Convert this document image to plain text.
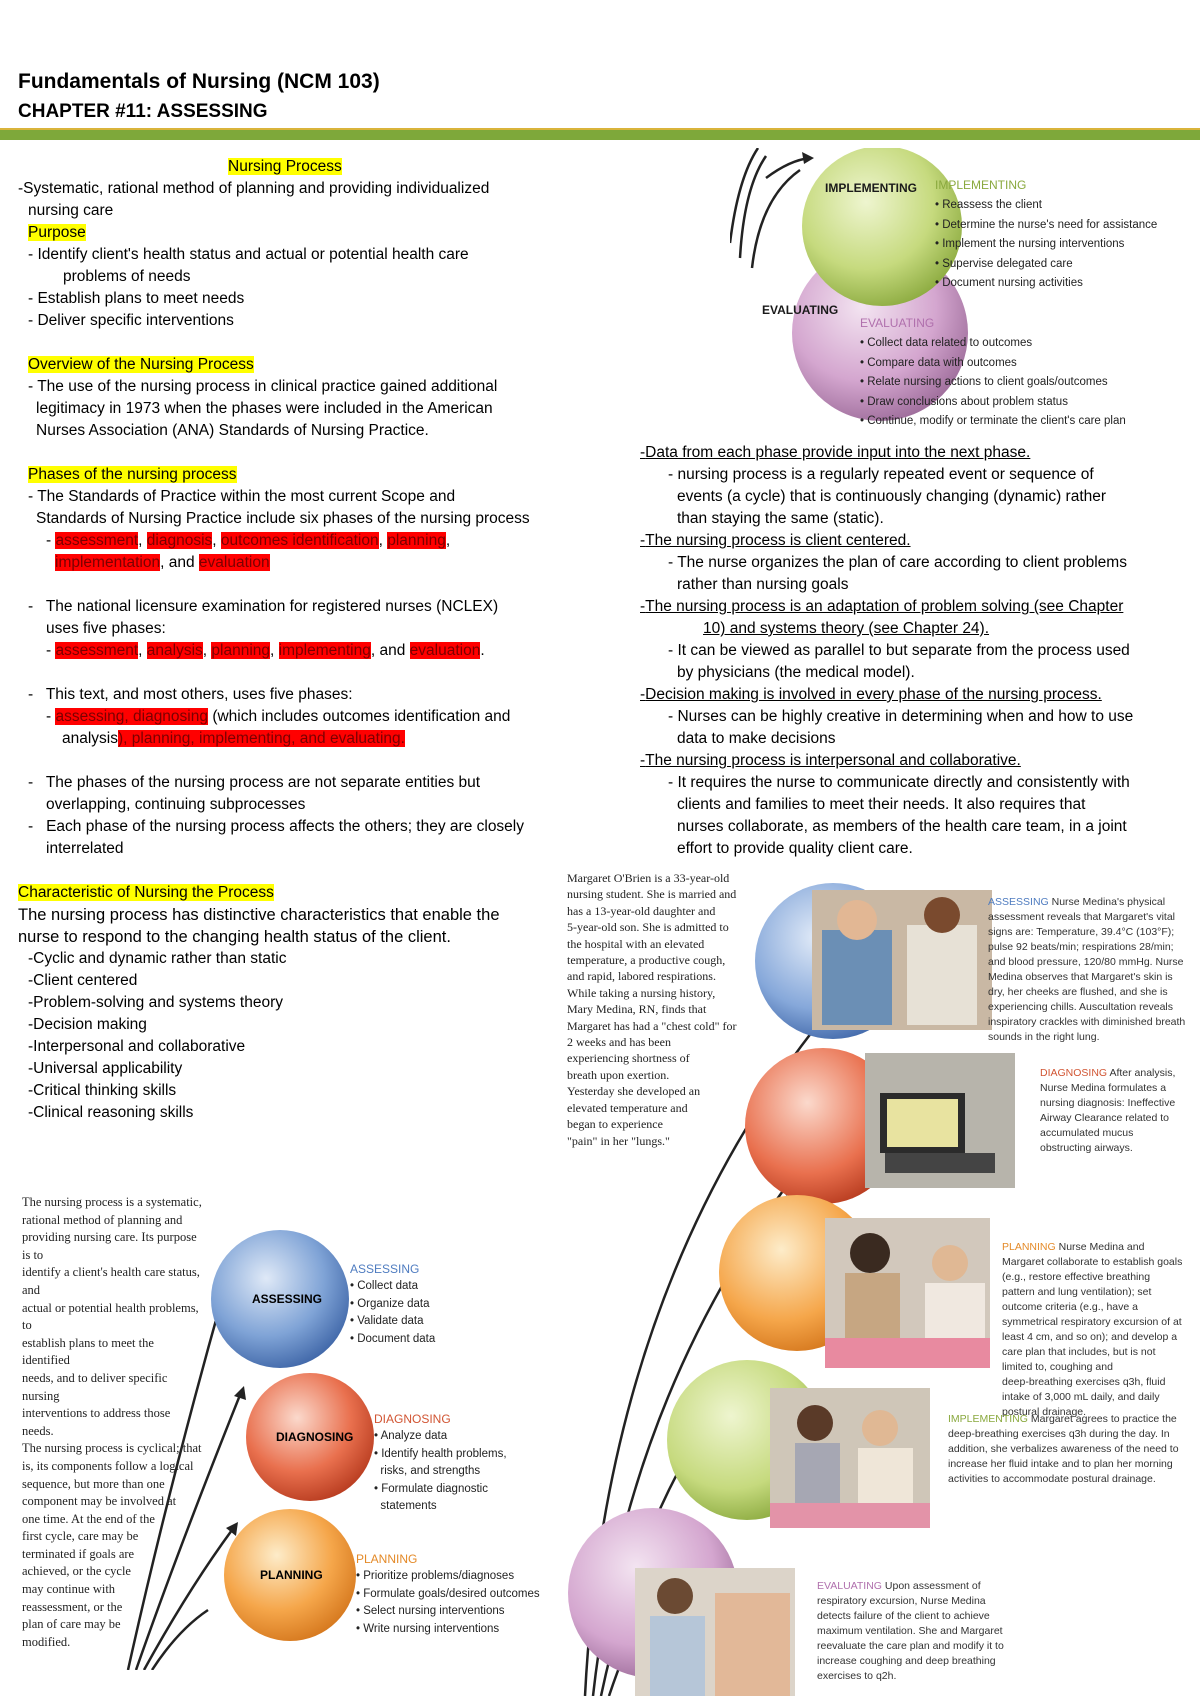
Fundamentals of Nursing (NCM 103)
CHAPTER #11: ASSESSING
Nursing Process
-Systematic, rational method of planning and providing individualized
nursing care
Purpose
- Identify client's health status and actual or potential health care
problems of needs
- Establish plans to meet needs
- Deliver specific interventions
Overview of the Nursing Process
- The use of the nursing process in clinical practice gained additional
legitimacy in 1973 when the phases were included in the American
Nurses Association (ANA) Standards of Nursing Practice.
Phases of the nursing process
- The Standards of Practice within the most current Scope and
Standards of Nursing Practice include six phases of the nursing process
- assessment, diagnosis, outcomes identification, planning,
implementation, and evaluation
-   The national licensure examination for registered nurses (NCLEX)
uses five phases:
- assessment, analysis, planning, implementing, and evaluation.
-   This text, and most others, uses five phases:
- assessing, diagnosing (which includes outcomes identification and
analysis), planning, implementing, and evaluating.
-   The phases of the nursing process are not separate entities but
overlapping, continuing subprocesses
-   Each phase of the nursing process affects the others; they are closely
interrelated
Characteristic of Nursing the Process
The nursing process has distinctive characteristics that enable the
nurse to respond to the changing health status of the client.
-Cyclic and dynamic rather than static
-Client centered
-Problem-solving and systems theory
-Decision making
-Interpersonal and collaborative
-Universal applicability
-Critical thinking skills
-Clinical reasoning skills
-Data from each phase provide input into the next phase.
- nursing process is a regularly repeated event or sequence of
events (a cycle) that is continuously changing (dynamic) rather
than staying the same (static).
-The nursing process is client centered.
- The nurse organizes the plan of care according to client problems
rather than nursing goals
-The nursing process is an adaptation of problem solving (see Chapter
10) and systems theory (see Chapter 24).
- It can be viewed as parallel to but separate from the process used
by physicians (the medical model).
-Decision making is involved in every phase of the nursing process.
- Nurses can be highly creative in determining when and how to use
data to make decisions
-The nursing process is interpersonal and collaborative.
- It requires the nurse to communicate directly and consistently with
clients and families to meet their needs. It also requires that
nurses collaborate, as members of the health care team, in a joint
effort to provide quality client care.
IMPLEMENTING
EVALUATING
IMPLEMENTING
• Reassess the client
• Determine the nurse's need for assistance
• Implement the nursing interventions
• Supervise delegated care
• Document nursing activities
EVALUATING
• Collect data related to outcomes
• Compare data with outcomes
• Relate nursing actions to client goals/outcomes
• Draw conclusions about problem status
• Continue, modify or terminate the client's care plan
The nursing process is a systematic,
rational method of planning and
providing nursing care. Its purpose is to
identify a client's health care status, and
actual or potential health problems, to
establish plans to meet the identified
needs, and to deliver specific nursing
interventions to address those needs.
The nursing process is cyclical; that
is, its components follow a logical
sequence, but more than one
component may be involved at
one time. At the end of the
first cycle, care may be
terminated if goals are
achieved, or the cycle
may continue with
reassessment, or the
plan of care may be
modified.
ASSESSING
DIAGNOSING
PLANNING
ASSESSING
• Collect data
• Organize data
• Validate data
• Document data
DIAGNOSING
• Analyze data
• Identify health problems,
risks, and strengths
• Formulate diagnostic
statements
PLANNING
• Prioritize problems/diagnoses
• Formulate goals/desired outcomes
• Select nursing interventions
• Write nursing interventions
Margaret O'Brien is a 33-year-old
nursing student. She is married and
has a 13-year-old daughter and
5-year-old son. She is admitted to
the hospital with an elevated
temperature, a productive cough,
and rapid, labored respirations.
While taking a nursing history,
Mary Medina, RN, finds that
Margaret has had a "chest cold" for
2 weeks and has been
experiencing shortness of
breath upon exertion.
Yesterday she developed an
elevated temperature and
began to experience
"pain" in her "lungs."
ASSESSING Nurse Medina's physical
assessment reveals that Margaret's vital
signs are: Temperature, 39.4°C (103°F);
pulse 92 beats/min; respirations 28/min;
and blood pressure, 120/80 mmHg. Nurse
Medina observes that Margaret's skin is
dry, her cheeks are flushed, and she is
experiencing chills. Auscultation reveals
inspiratory crackles with diminished breath
sounds in the right lung.
DIAGNOSING After analysis,
Nurse Medina formulates a
nursing diagnosis: Ineffective
Airway Clearance related to
accumulated mucus
obstructing airways.
PLANNING Nurse Medina and
Margaret collaborate to establish goals
(e.g., restore effective breathing
pattern and lung ventilation); set
outcome criteria (e.g., have a
symmetrical respiratory excursion of at
least 4 cm, and so on); and develop a
care plan that includes, but is not
limited to, coughing and
deep-breathing exercises q3h, fluid
intake of 3,000 mL daily, and daily
postural drainage.
IMPLEMENTING Margaret agrees to practice the
deep-breathing exercises q3h during the day. In
addition, she verbalizes awareness of the need to
increase her fluid intake and to plan her morning
activities to accommodate postural drainage.
EVALUATING Upon assessment of
respiratory excursion, Nurse Medina
detects failure of the client to achieve
maximum ventilation. She and Margaret
reevaluate the care plan and modify it to
increase coughing and deep breathing
exercises to q2h.
